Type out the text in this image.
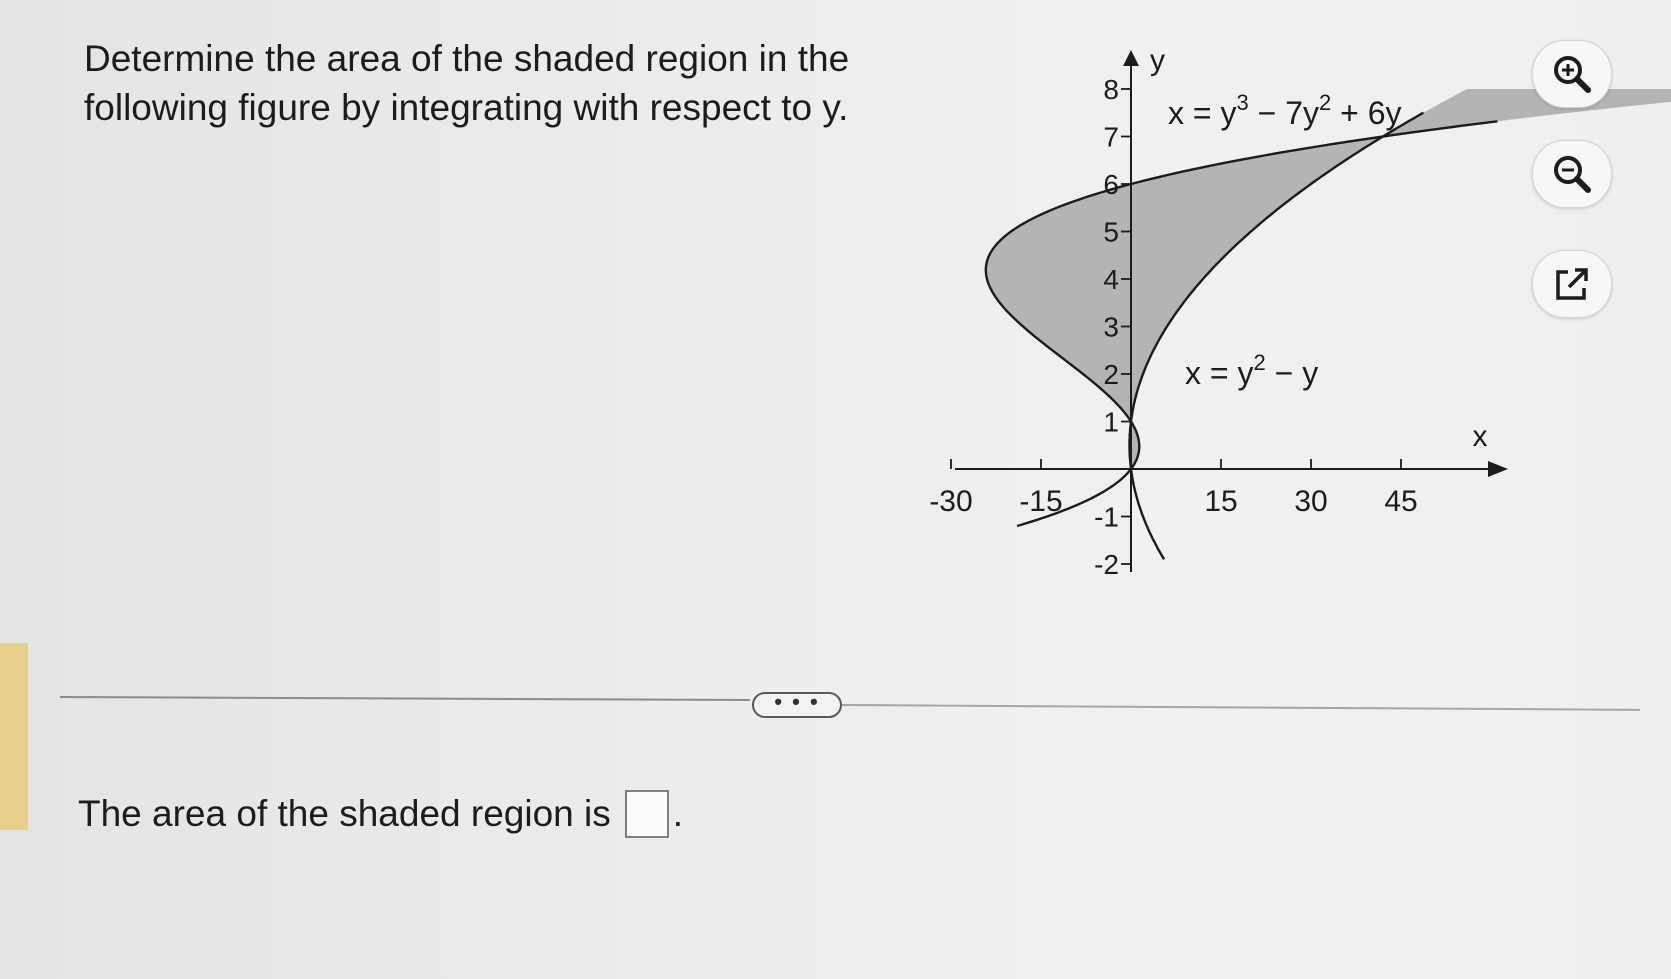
Determine the area of the shaded region in the
following figure by integrating with respect to y.
-30 -15	15 30 45
-2
-1
1
2
3
4
5
6
7
8
x
y
$x = y^3 - 7y^2 + 6y$
$x = y^2 - y$
• • •
The area of the shaded region is .
